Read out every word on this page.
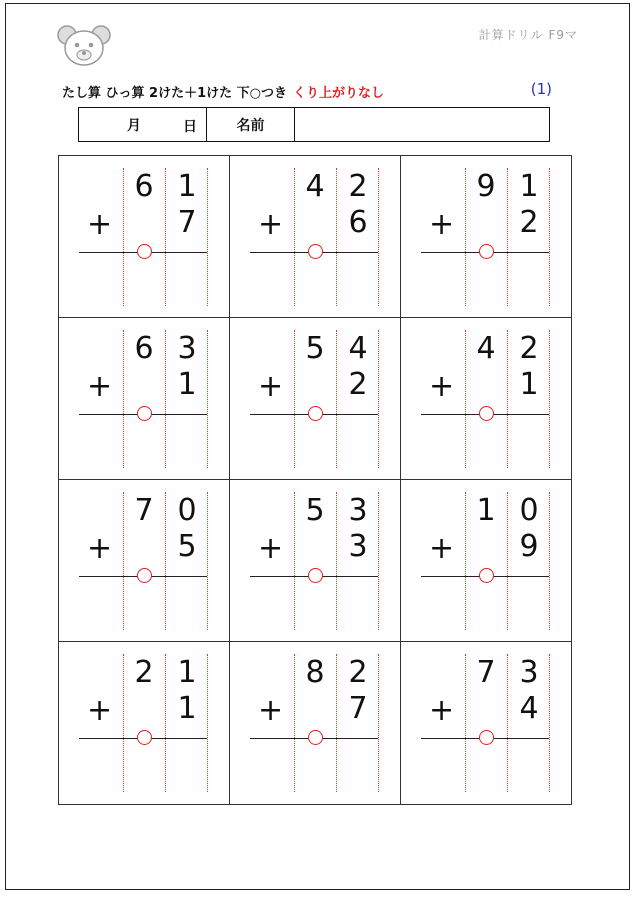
計算ドリル F9マ
たし算 ひっ算 2けた＋1けた 下○つき くり上がりなし	(1)
月	日	名前
6 1
7
+
4 2
6
+
9 1
2
+
6 3
1
+
5 4
2
+
4 2
1
+
7 0
5
+
5 3
3
+
1 0
9
+
2 1
1
+
8 2
7
+
7 3
4
+
